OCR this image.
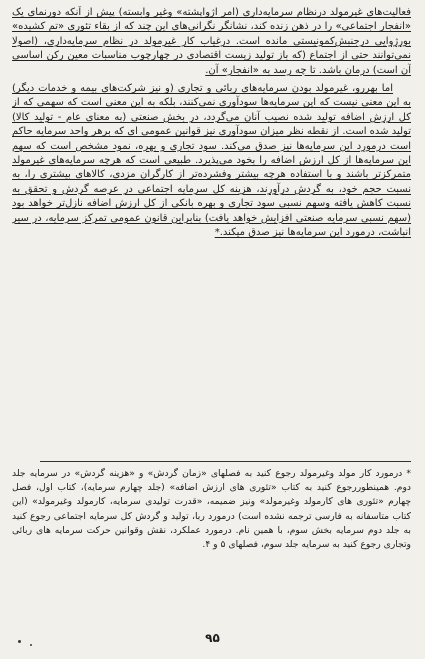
فعالیت‌های غیرمولد درنظام سرمایه‌داری (امر اژواپشته» وغیر وابسته) پیش از آنکه دورنمای یک «انفجار اجتماعی» را در ذهن زنده کند، نشانگر نگرانی‌های این چند که از بقاء تئوری «تم کشیده» بورژوایی درجنبش‌کمونیستی مانده‌ است. درغیاب کار غیرمولد در نظام سرمایه‌داری، (اصولا نمی‌توانند حتی از اجتماع (که باز تولید زیست اقتصادی در چهارچوب مناسبات معین رکن اساسی آن است) درمان باشد. تا چه رسد به «انفجار» آن.

اما بهررو، غیرمولد بودن سرمایه‌های ربائی و تجاری (و نیز شرکت‌های بیمه و خدمات دیگر) به این معنی نیست که این سرمایه‌ها سودآوری نمی‌کنند، بلکه به این معنی است که سهمی که از کل ارزش اضافه تولید شده نصیب آنان می‌گردد، در بخش صنعتی (به معنای عام - تولید کالا) تولید شده است. از نقطه نظر میزان سودآوری نیز قوانین عمومی ای که برهر واحد سرمایه حاکم است درمورد این سرمایه‌ها نیز صدق می‌کند. سود تجاری و بهره، نمود مشخص است که سهم این سرمایه‌ها از کل ارزش اضافه را بخود می‌پذیرد. طبیعی است که هرچه سرمایه‌های غیرمولد متمرکزتر باشند و با استفاده هرچه بیشتر وفشرده‌تر از کارگران مزدی، کالاهای بیشتری را، به نسبت حجم خود، به گردش درآورند، هزینه کل سرمایه اجتماعی در عرصه گردش و تحقق به نسبت کاهش یافته وسهم نسبی سود تجاری و بهره بانکی از کل ارزش اضافه نازل‌تر خواهد بود (سهم نسبی سرمایه صنعتی افزایش خواهد یافت) بنابراین قانون عمومی تمرکز سرمایه، در سیر انباشت، درمورد این سرمایه‌ها نیز صدق میکند.*

* درمورد کار مولد وغیرمولد رجوع کنید به فصلهای «زمان گردش» و «هزینه گردش» در سرمایه جلد دوم. همینطوررجوع کنید به کتاب «تئوری های ارزش اضافه» (جلد چهارم سرمایه)، کتاب اول، فصل چهارم «تئوری های کارمولد وغیرمولد» ونیز ضمیمه، «قدرت تولیدی سرمایه، کارمولد وغیرمولد» (این کتاب متاسفانه به فارسی ترجمه نشده است) درمورد ربا، تولید و گردش کل سرمایه اجتماعی رجوع کنید به جلد دوم سرمایه بخش سوم، با همین نام. درمورد عملکرد، نقش وقوانین حرکت سرمایه های ربائی وتجاری رجوع کنید به سرمایه جلد سوم، فصلهای ۵ و ۴.

۹۵
